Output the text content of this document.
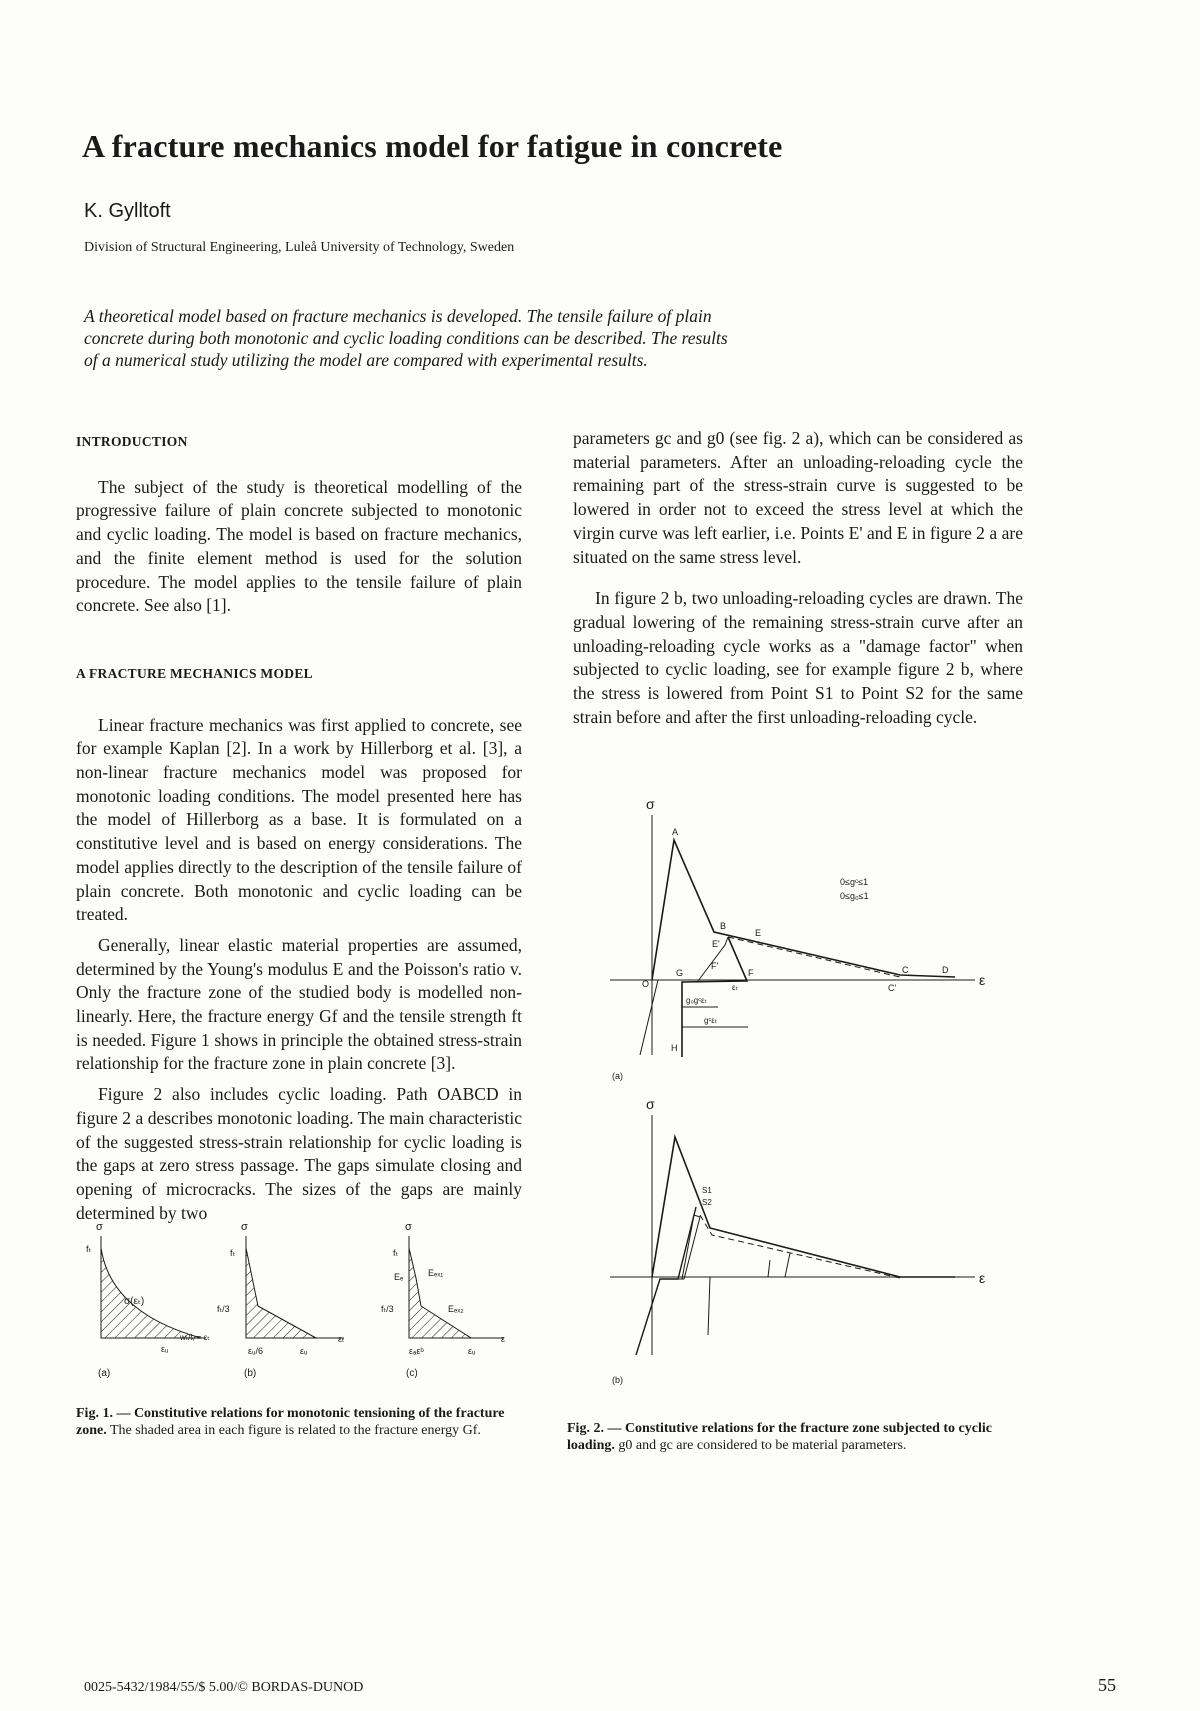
A fracture mechanics model for fatigue in concrete
K. Gylltoft
Division of Structural Engineering, Luleå University of Technology, Sweden

A theoretical model based on fracture mechanics is developed. The tensile failure of plain

concrete during both monotonic and cyclic loading conditions can be described. The results

of a numerical study utilizing the model are compared with experimental results.

INTRODUCTION

The subject of the study is theoretical modelling of the progressive failure of plain concrete subjected to monotonic and cyclic loading. The model is based on fracture mechanics, and the finite element method is used for the solution procedure. The model applies to the tensile failure of plain concrete. See also [1].

A FRACTURE MECHANICS MODEL

Linear fracture mechanics was first applied to concrete, see for example Kaplan [2]. In a work by Hillerborg et al. [3], a non-linear fracture mechanics model was proposed for monotonic loading conditions. The model presented here has the model of Hillerborg as a base. It is formulated on a constitutive level and is based on energy considerations. The model applies directly to the description of the tensile failure of plain concrete. Both monotonic and cyclic loading can be treated.

Generally, linear elastic material properties are assumed, determined by the Young's modulus E and the Poisson's ratio v. Only the fracture zone of the studied body is modelled non-linearly. Here, the fracture energy Gf and the tensile strength ft is needed. Figure 1 shows in principle the obtained stress-strain relationship for the fracture zone in plain concrete [3].

Figure 2 also includes cyclic loading. Path OABCD in figure 2 a describes monotonic loading. The main characteristic of the suggested stress-strain relationship for cyclic loading is the gaps at zero stress passage. The gaps simulate closing and opening of microcracks. The sizes of the gaps are mainly determined by two

parameters gc and g0 (see fig. 2 a), which can be considered as material parameters. After an unloading-reloading cycle the remaining part of the stress-strain curve is suggested to be lowered in order not to exceed the stress level at which the virgin curve was left earlier, i.e. Points E' and E in figure 2 a are situated on the same stress level.

In figure 2 b, two unloading-reloading cycles are drawn. The gradual lowering of the remaining stress-strain curve after an unloading-reloading cycle works as a "damage factor" when subjected to cyclic loading, see for example figure 2 b, where the stress is lowered from Point S1 to Point S2 for the same strain before and after the first unloading-reloading cycle.

σ
fₜ
σ(εₜ)
εᵤ
wₜ/lᵥ = εₜ
(a)
σ
fₜ
fₜ/3
εᵤ/6	εᵤ
εₜ
(b)
σ
fₜ
Eₑ	Eₑₓ₁
fₜ/3	Eₑₓ₂
εₐεᵇ	εᵤ
ε
(c)
Fig. 1. — Constitutive relations for monotonic tensioning of the fracture zone. The shaded area in each figure is related to the fracture energy Gf.
σ
ε
g₀gᶜεₜ
gᶜεₜ
εₜ
O
A
B
E
E'
F
F'
G
H
C
C'
D
0≤gᶜ≤1
0≤g₀≤1
(a)
σ
ε
S1
S2
(b)
Fig. 2. — Constitutive relations for the fracture zone subjected to cyclic loading. g0 and gc are considered to be material parameters.
0025-5432/1984/55/$ 5.00/© BORDAS-DUNOD	55
